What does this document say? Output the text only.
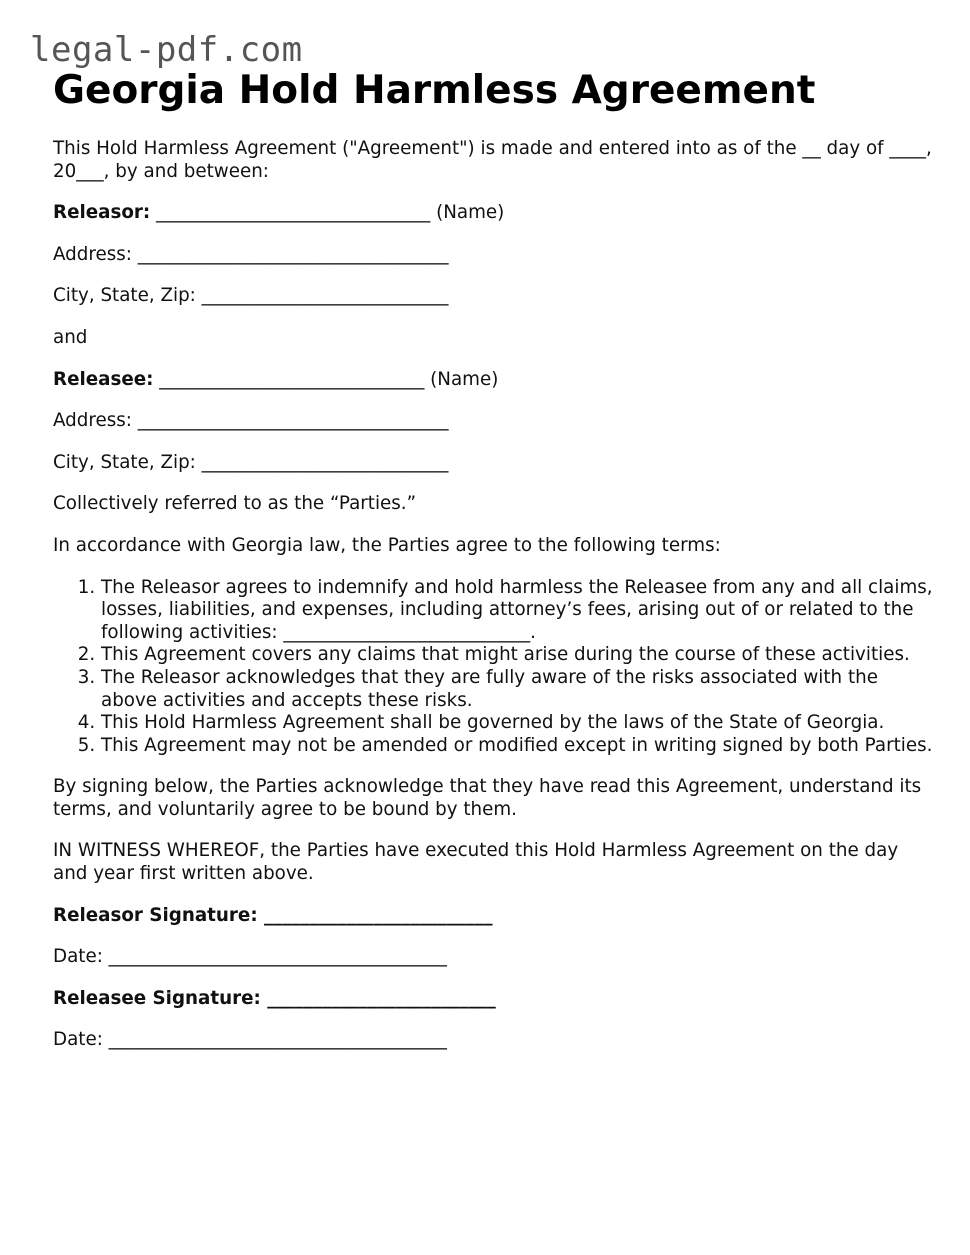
legal-pdf.com
Georgia Hold Harmless Agreement

This Hold Harmless Agreement ("Agreement") is made and entered into as of the __ day of ____, 20___, by and between:

Releasor: ______________________________ (Name)

Address: __________________________________

City, State, Zip: ___________________________

and

Releasee: _____________________________ (Name)

Address: __________________________________

City, State, Zip: ___________________________

Collectively referred to as the “Parties.”

In accordance with Georgia law, the Parties agree to the following terms:

1. The Releasor agrees to indemnify and hold harmless the Releasee from any and all claims, losses, liabilities, and expenses, including attorney’s fees, arising out of or related to the following activities: ___________________________.
2. This Agreement covers any claims that might arise during the course of these activities.
3. The Releasor acknowledges that they are fully aware of the risks associated with the above activities and accepts these risks.
4. This Hold Harmless Agreement shall be governed by the laws of the State of Georgia.
5. This Agreement may not be amended or modified except in writing signed by both Parties.

By signing below, the Parties acknowledge that they have read this Agreement, understand its terms, and voluntarily agree to be bound by them.

IN WITNESS WHEREOF, the Parties have executed this Hold Harmless Agreement on the day and year first written above.

Releasor Signature: _________________________

Date: _____________________________________

Releasee Signature: _________________________

Date: _____________________________________
